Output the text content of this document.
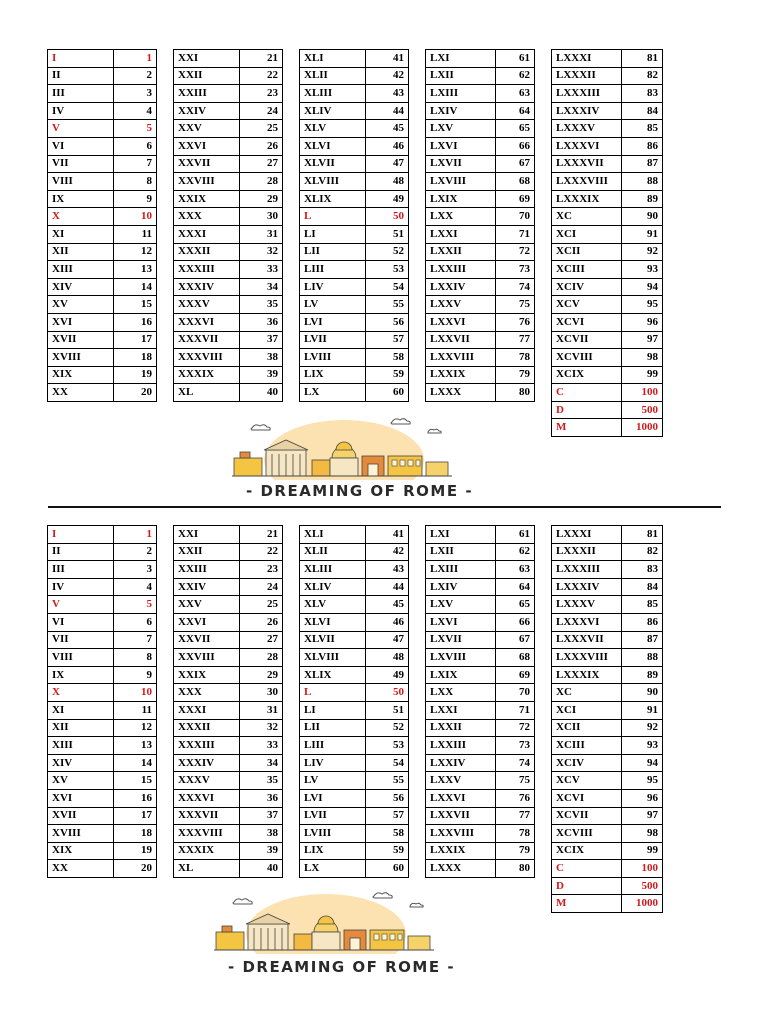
I	1
II	2
III	3
IV	4
V	5
VI	6
VII	7
VIII	8
IX	9
X	10
XI	11
XII	12
XIII	13
XIV	14
XV	15
XVI	16
XVII	17
XVIII	18
XIX	19
XX	20
XXI	21
XXII	22
XXIII	23
XXIV	24
XXV	25
XXVI	26
XXVII	27
XXVIII	28
XXIX	29
XXX	30
XXXI	31
XXXII	32
XXXIII	33
XXXIV	34
XXXV	35
XXXVI	36
XXXVII	37
XXXVIII	38
XXXIX	39
XL	40
XLI	41
XLII	42
XLIII	43
XLIV	44
XLV	45
XLVI	46
XLVII	47
XLVIII	48
XLIX	49
L	50
LI	51
LII	52
LIII	53
LIV	54
LV	55
LVI	56
LVII	57
LVIII	58
LIX	59
LX	60
LXI	61
LXII	62
LXIII	63
LXIV	64
LXV	65
LXVI	66
LXVII	67
LXVIII	68
LXIX	69
LXX	70
LXXI	71
LXXII	72
LXXIII	73
LXXIV	74
LXXV	75
LXXVI	76
LXXVII	77
LXXVIII	78
LXXIX	79
LXXX	80
LXXXI	81
LXXXII	82
LXXXIII	83
LXXXIV	84
LXXXV	85
LXXXVI	86
LXXXVII	87
LXXXVIII	88
LXXXIX	89
XC	90
XCI	91
XCII	92
XCIII	93
XCIV	94
XCV	95
XCVI	96
XCVII	97
XCVIII	98
XCIX	99
C	100
D	500
M	1000
- DREAMING OF ROME -
I	1
II	2
III	3
IV	4
V	5
VI	6
VII	7
VIII	8
IX	9
X	10
XI	11
XII	12
XIII	13
XIV	14
XV	15
XVI	16
XVII	17
XVIII	18
XIX	19
XX	20
XXI	21
XXII	22
XXIII	23
XXIV	24
XXV	25
XXVI	26
XXVII	27
XXVIII	28
XXIX	29
XXX	30
XXXI	31
XXXII	32
XXXIII	33
XXXIV	34
XXXV	35
XXXVI	36
XXXVII	37
XXXVIII	38
XXXIX	39
XL	40
XLI	41
XLII	42
XLIII	43
XLIV	44
XLV	45
XLVI	46
XLVII	47
XLVIII	48
XLIX	49
L	50
LI	51
LII	52
LIII	53
LIV	54
LV	55
LVI	56
LVII	57
LVIII	58
LIX	59
LX	60
LXI	61
LXII	62
LXIII	63
LXIV	64
LXV	65
LXVI	66
LXVII	67
LXVIII	68
LXIX	69
LXX	70
LXXI	71
LXXII	72
LXXIII	73
LXXIV	74
LXXV	75
LXXVI	76
LXXVII	77
LXXVIII	78
LXXIX	79
LXXX	80
LXXXI	81
LXXXII	82
LXXXIII	83
LXXXIV	84
LXXXV	85
LXXXVI	86
LXXXVII	87
LXXXVIII	88
LXXXIX	89
XC	90
XCI	91
XCII	92
XCIII	93
XCIV	94
XCV	95
XCVI	96
XCVII	97
XCVIII	98
XCIX	99
C	100
D	500
M	1000
- DREAMING OF ROME -
